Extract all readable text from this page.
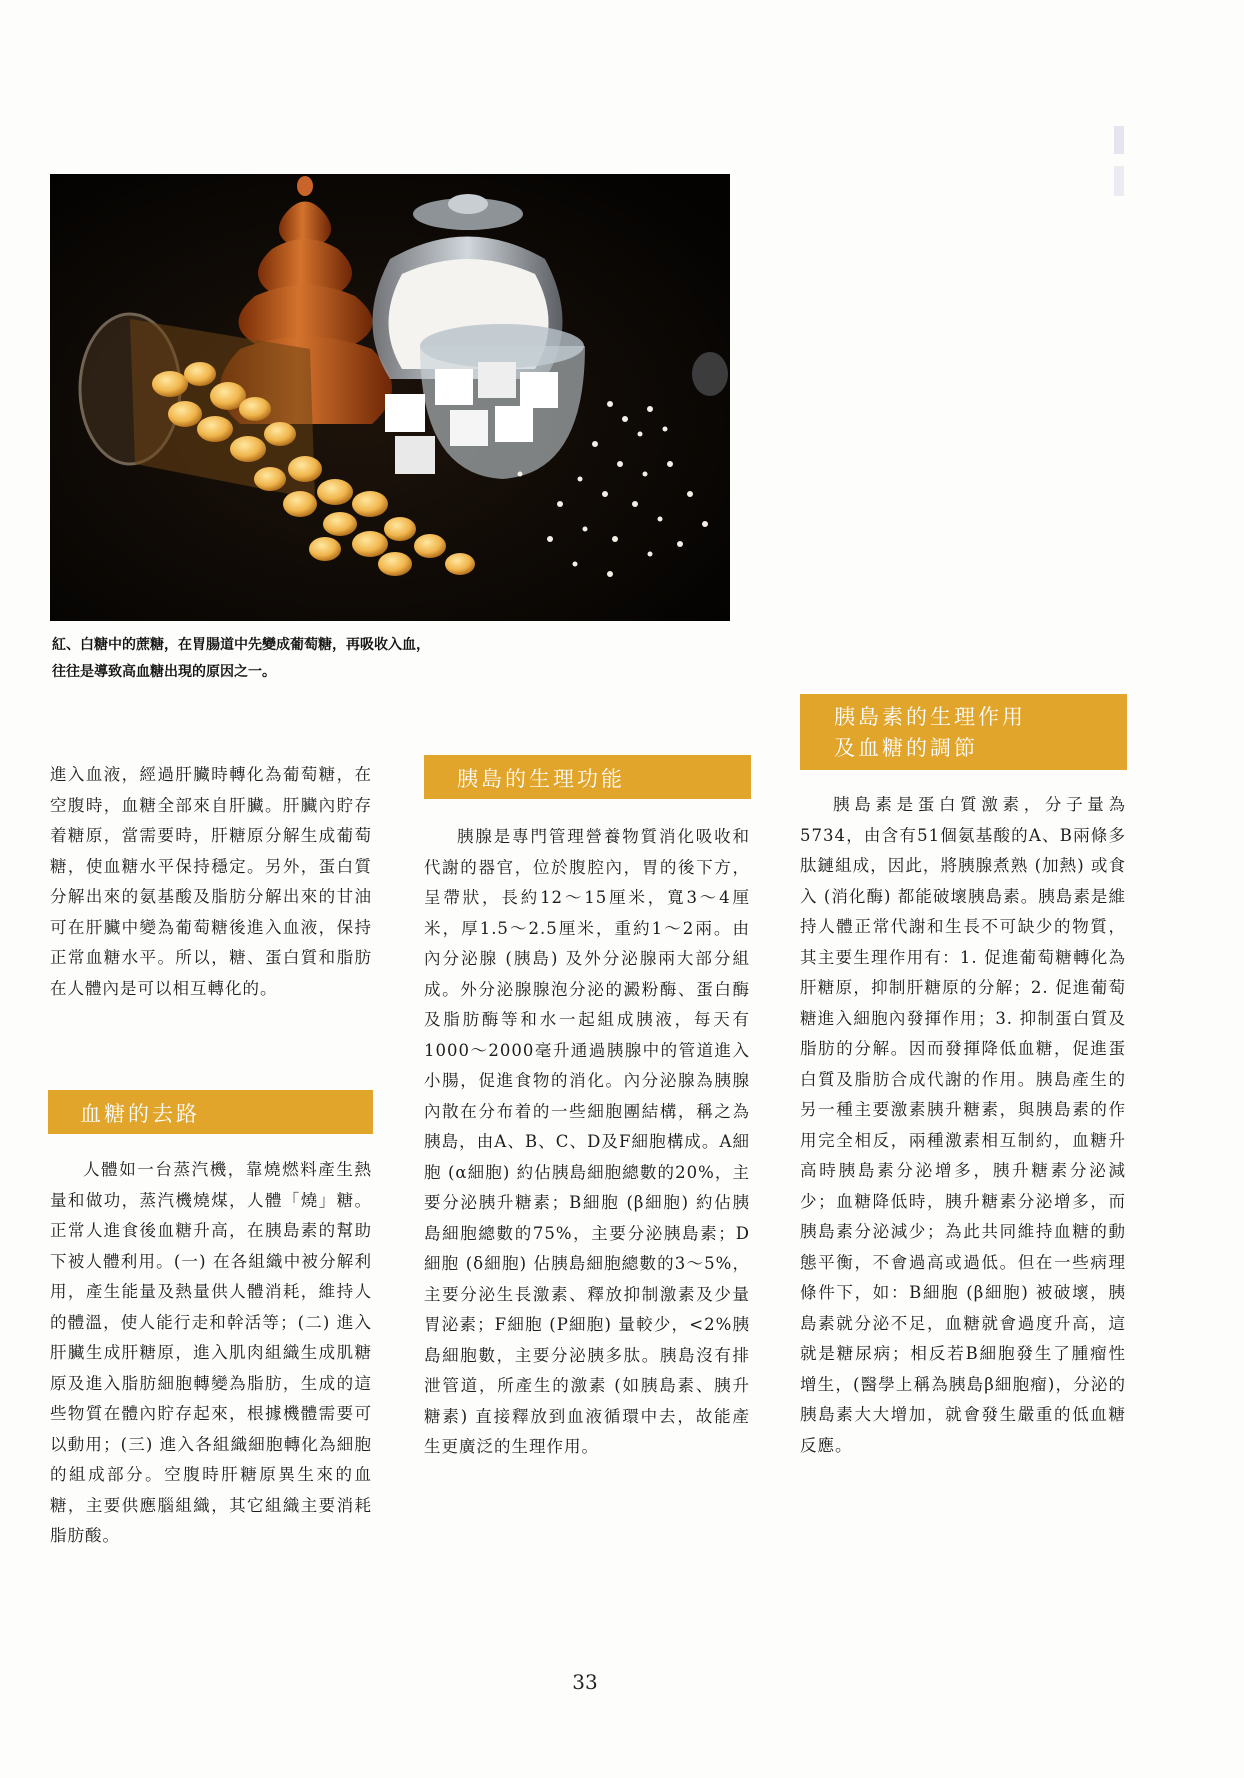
紅、白糖中的蔗糖，在胃腸道中先變成葡萄糖，再吸收入血，

往往是導致高血糖出現的原因之一。

進入血液，經過肝臟時轉化為葡萄糖，在空腹時，血糖全部來自肝臟。肝臟內貯存着糖原，當需要時，肝糖原分解生成葡萄糖，使血糖水平保持穩定。另外，蛋白質分解出來的氨基酸及脂肪分解出來的甘油可在肝臟中變為葡萄糖後進入血液，保持正常血糖水平。所以，糖、蛋白質和脂肪在人體內是可以相互轉化的。

血糖的去路

人體如一台蒸汽機，靠燒燃料產生熱量和做功，蒸汽機燒煤，人體「燒」糖。正常人進食後血糖升高，在胰島素的幫助下被人體利用。(一) 在各組織中被分解利用，產生能量及熱量供人體消耗，維持人的體溫，使人能行走和幹活等；(二) 進入肝臟生成肝糖原，進入肌肉組織生成肌糖原及進入脂肪細胞轉變為脂肪，生成的這些物質在體內貯存起來，根據機體需要可以動用；(三) 進入各組織細胞轉化為細胞的組成部分。空腹時肝糖原異生來的血糖，主要供應腦組織，其它組織主要消耗脂肪酸。

胰島的生理功能

胰腺是專門管理營養物質消化吸收和代謝的器官，位於腹腔內，胃的後下方，呈帶狀，長約12～15厘米，寬3～4厘米，厚1.5～2.5厘米，重約1～2兩。由內分泌腺 (胰島) 及外分泌腺兩大部分組成。外分泌腺腺泡分泌的澱粉酶、蛋白酶及脂肪酶等和水一起組成胰液，每天有1000～2000毫升通過胰腺中的管道進入小腸，促進食物的消化。內分泌腺為胰腺內散在分布着的一些細胞團結構，稱之為胰島，由A、B、C、D及F細胞構成。A細胞 (α細胞) 約佔胰島細胞總數的20%，主要分泌胰升糖素；B細胞 (β細胞) 約佔胰島細胞總數的75%，主要分泌胰島素；D細胞 (δ細胞) 佔胰島細胞總數的3～5%，主要分泌生長激素、釋放抑制激素及少量胃泌素；F細胞 (P細胞) 量較少，<2%胰島細胞數，主要分泌胰多肽。胰島沒有排泄管道，所產生的激素 (如胰島素、胰升糖素) 直接釋放到血液循環中去，故能產生更廣泛的生理作用。

胰島素的生理作用

及血糖的調節

胰島素是蛋白質激素，分子量為5734，由含有51個氨基酸的A、B兩條多肽鏈組成，因此，將胰腺煮熟 (加熱) 或食入 (消化酶) 都能破壞胰島素。胰島素是維持人體正常代謝和生長不可缺少的物質，其主要生理作用有：1. 促進葡萄糖轉化為肝糖原，抑制肝糖原的分解；2. 促進葡萄糖進入細胞內發揮作用；3. 抑制蛋白質及脂肪的分解。因而發揮降低血糖，促進蛋白質及脂肪合成代謝的作用。胰島產生的另一種主要激素胰升糖素，與胰島素的作用完全相反，兩種激素相互制約，血糖升高時胰島素分泌增多，胰升糖素分泌減少；血糖降低時，胰升糖素分泌增多，而胰島素分泌減少；為此共同維持血糖的動態平衡，不會過高或過低。但在一些病理條件下，如：B細胞 (β細胞) 被破壞，胰島素就分泌不足，血糖就會過度升高，這就是糖尿病；相反若B細胞發生了腫瘤性增生，(醫學上稱為胰島β細胞瘤)，分泌的胰島素大大增加，就會發生嚴重的低血糖反應。

33
